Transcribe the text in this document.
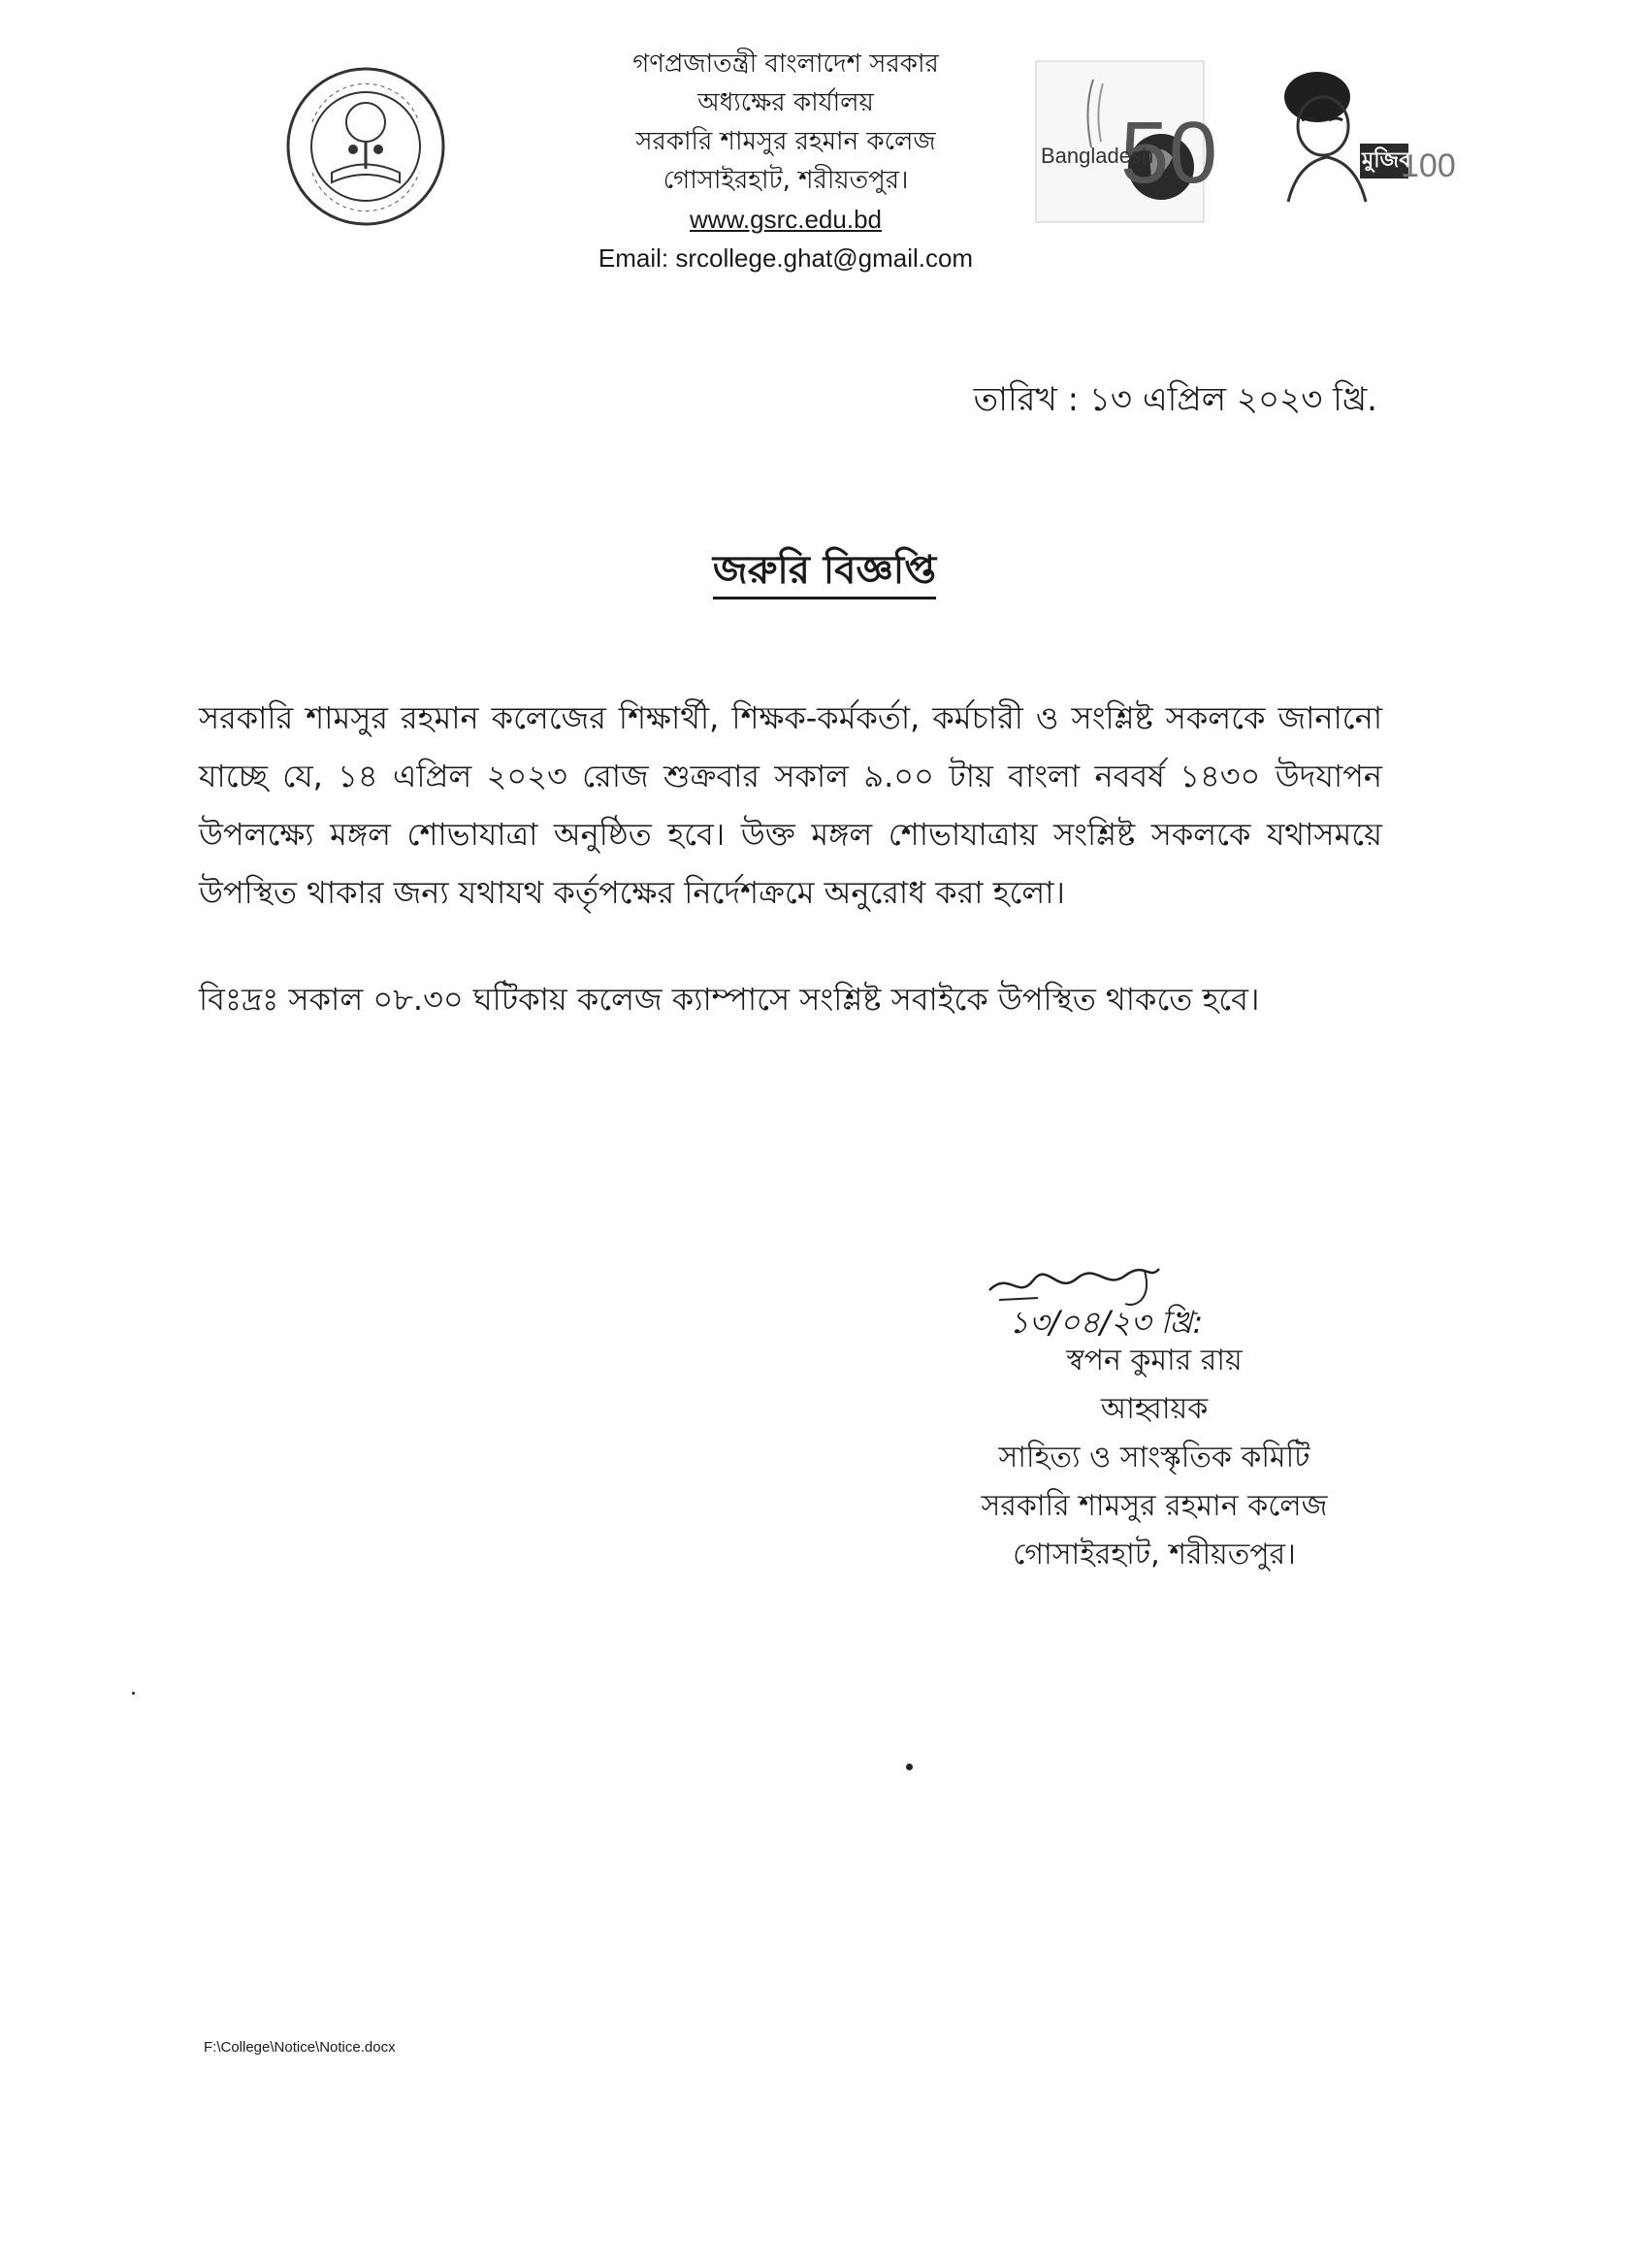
গণপ্রজাতন্ত্রী বাংলাদেশ সরকার
অধ্যক্ষের কার্যালয়
সরকারি শামসুর রহমান কলেজ
গোসাইরহাট, শরীয়তপুর।
www.gsrc.edu.bd
Email: srcollege.ghat@gmail.com
50
Bangladesh	100
মুজিব
তারিখ : ১৩ এপ্রিল ২০২৩ খ্রি.
জরুরি বিজ্ঞপ্তি
সরকারি শামসুর রহমান কলেজের শিক্ষার্থী, শিক্ষক-কর্মকর্তা, কর্মচারী ও সংশ্লিষ্ট সকলকে জানানো যাচ্ছে যে, ১৪ এপ্রিল ২০২৩ রোজ শুক্রবার সকাল ৯.০০ টায় বাংলা নববর্ষ ১৪৩০ উদযাপন উপলক্ষ্যে মঙ্গল শোভাযাত্রা অনুষ্ঠিত হবে। উক্ত মঙ্গল শোভাযাত্রায় সংশ্লিষ্ট সকলকে যথাসময়ে উপস্থিত থাকার জন্য যথাযথ কর্তৃপক্ষের নির্দেশক্রমে অনুরোধ করা হলো।
বিঃদ্রঃ সকাল ০৮.৩০ ঘটিকায় কলেজ ক্যাম্পাসে সংশ্লিষ্ট সবাইকে উপস্থিত থাকতে হবে।
১৩/০৪/২৩ খ্রি:
স্বপন কুমার রায়
আহ্বায়ক
সাহিত্য ও সাংস্কৃতিক কমিটি
সরকারি শামসুর রহমান কলেজ
গোসাইরহাট, শরীয়তপুর।
F:\College\Notice\Notice.docx
